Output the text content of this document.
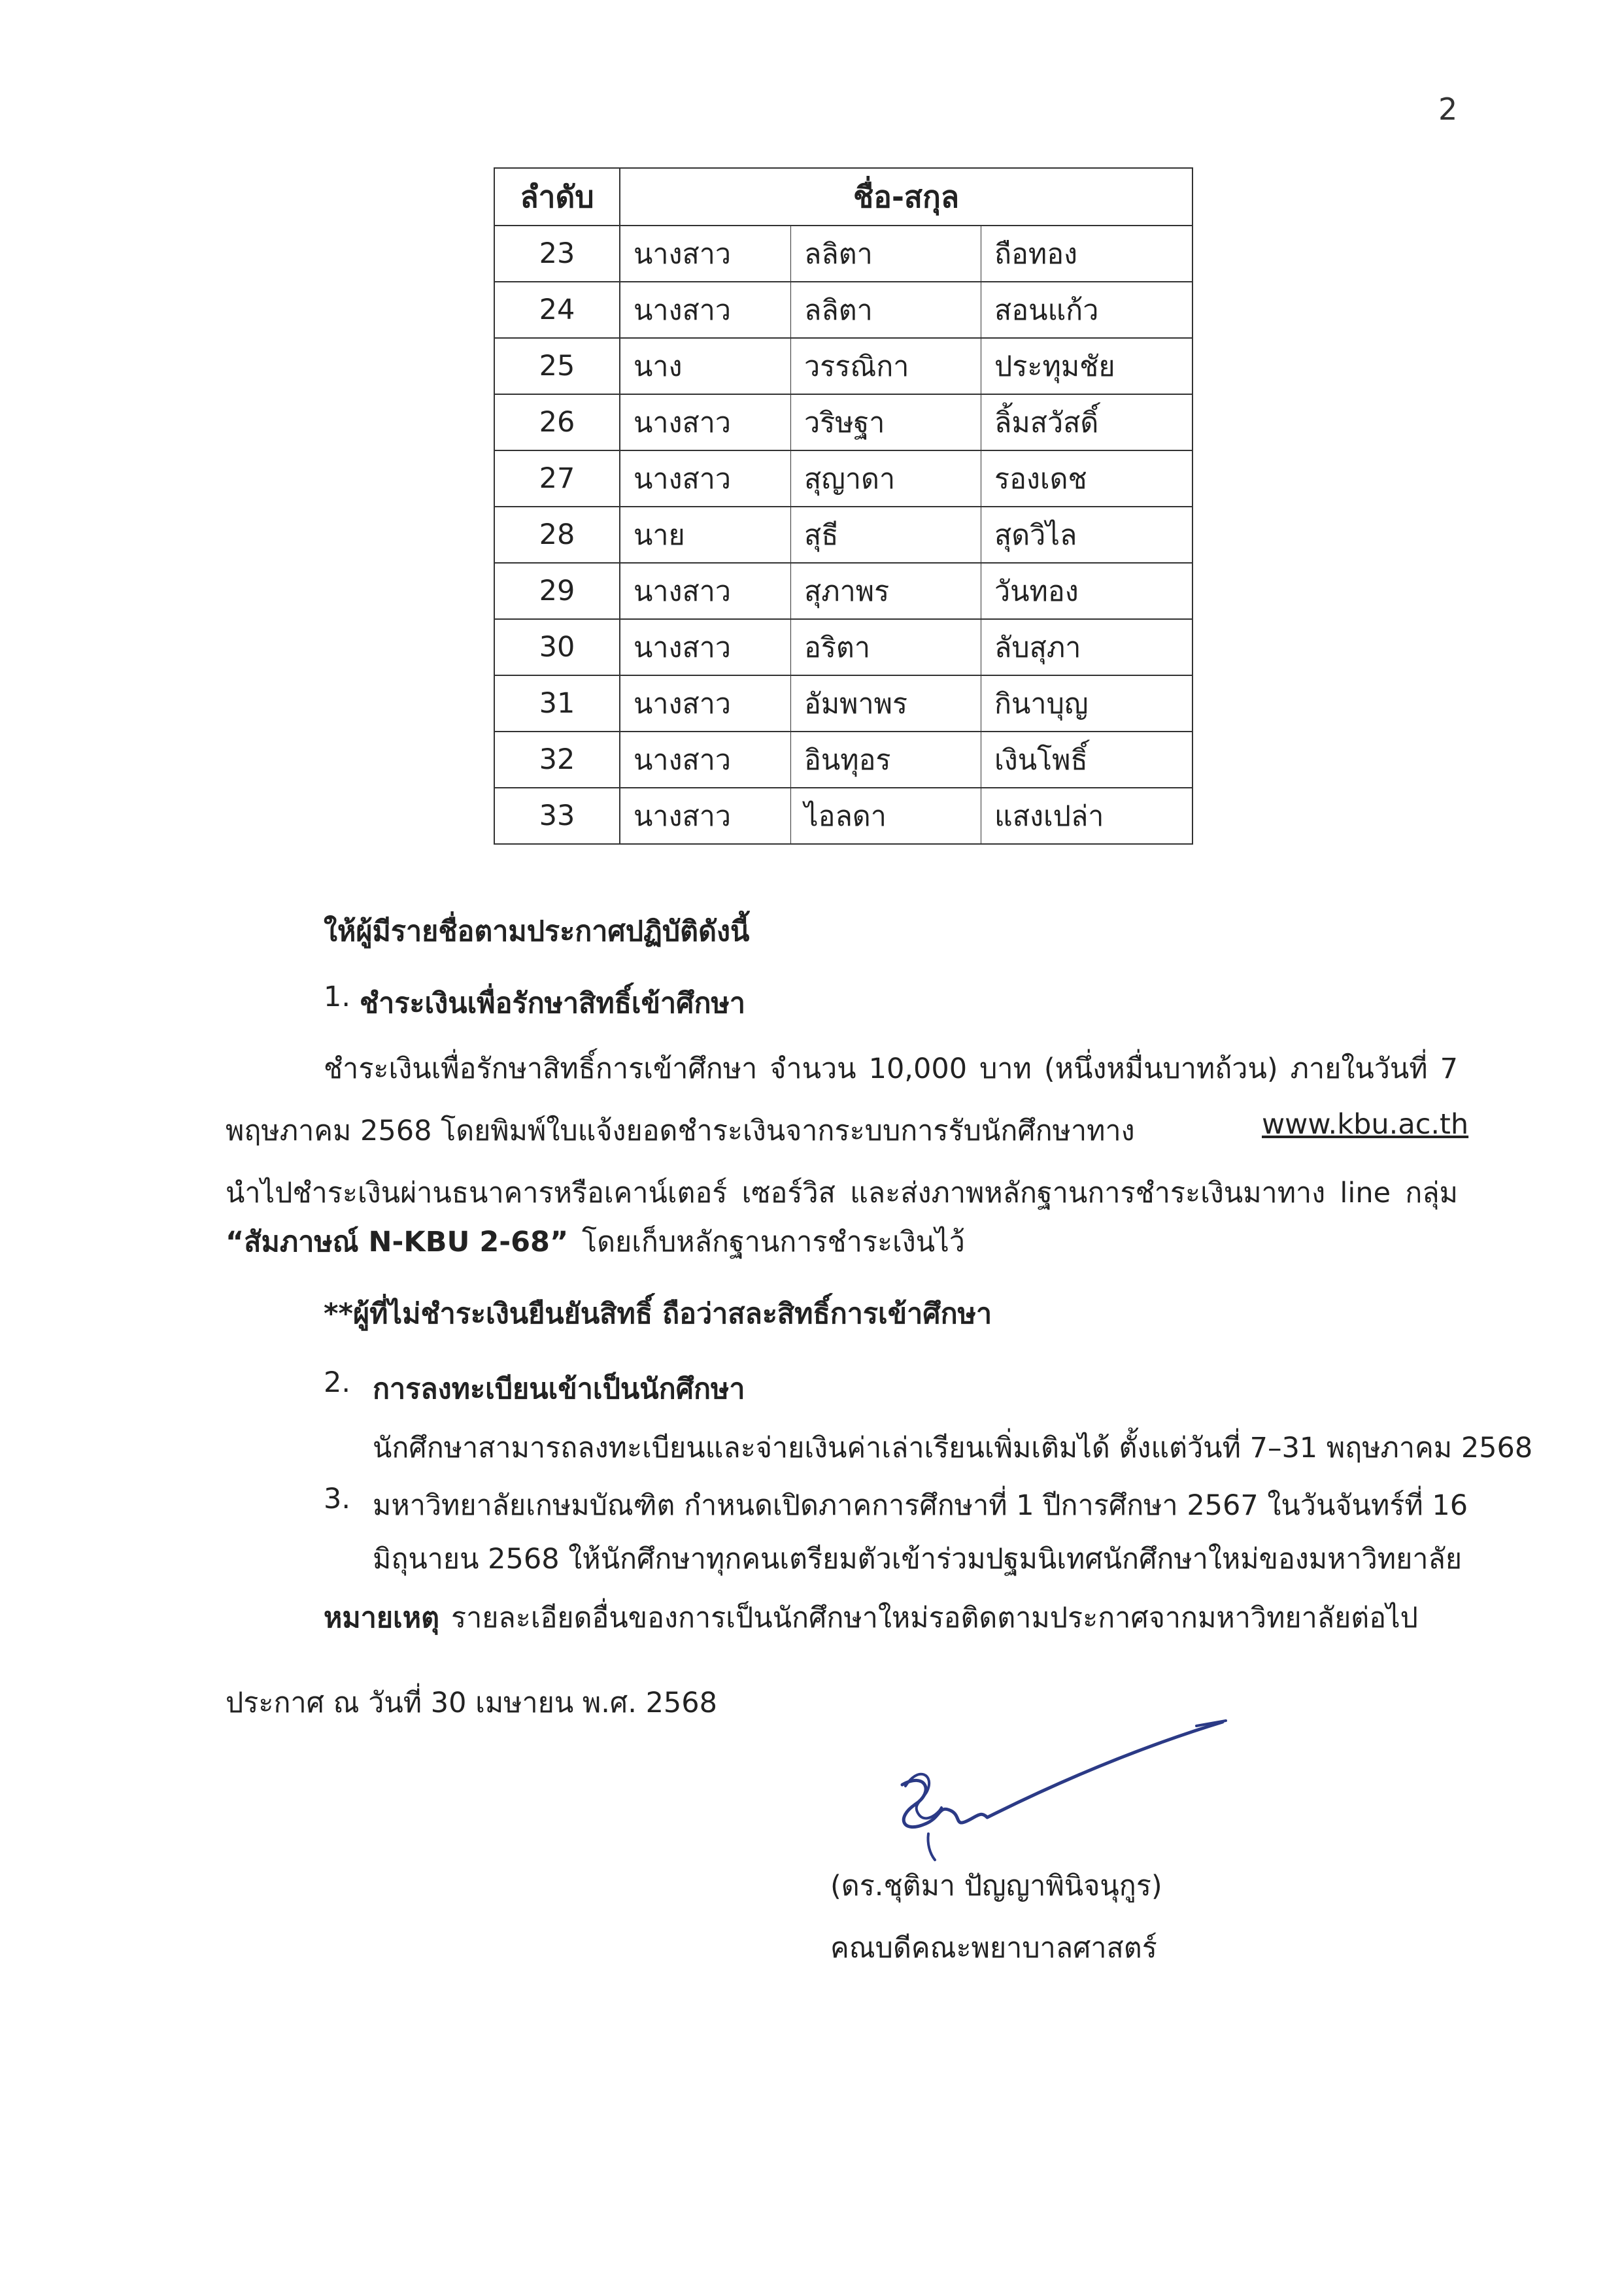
2
ลำดับ	ชื่อ-สกุล		
23	นางสาว	ลลิตา	ถือทอง
24	นางสาว	ลลิตา	สอนแก้ว
25	นาง	วรรณิกา	ประทุมชัย
26	นางสาว	วริษฐา	ลิ้มสวัสดิ์
27	นางสาว	สุญาดา	รองเดช
28	นาย	สุธี	สุดวิไล
29	นางสาว	สุภาพร	วันทอง
30	นางสาว	อริตา	ลับสุภา
31	นางสาว	อัมพาพร	กินาบุญ
32	นางสาว	อินทุอร	เงินโพธิ์
33	นางสาว	ไอลดา	แสงเปล่า
ให้ผู้มีรายชื่อตามประกาศปฏิบัติดังนี้
1. ชำระเงินเพื่อรักษาสิทธิ์เข้าศึกษา
ชำระเงินเพื่อรักษาสิทธิ์การเข้าศึกษา จำนวน 10,000 บาท (หนึ่งหมื่นบาทถ้วน) ภายในวันที่ 7
พฤษภาคม 2568 โดยพิมพ์ใบแจ้งยอดชำระเงินจากระบบการรับนักศึกษาทาง	www.kbu.ac.th
นำไปชำระเงินผ่านธนาคารหรือเคาน์เตอร์ เซอร์วิส และส่งภาพหลักฐานการชำระเงินมาทาง line กลุ่ม
“สัมภาษณ์ N-KBU 2-68” โดยเก็บหลักฐานการชำระเงินไว้
**ผู้ที่ไม่ชำระเงินยืนยันสิทธิ์ ถือว่าสละสิทธิ์การเข้าศึกษา
2. การลงทะเบียนเข้าเป็นนักศึกษา
นักศึกษาสามารถลงทะเบียนและจ่ายเงินค่าเล่าเรียนเพิ่มเติมได้ ตั้งแต่วันที่ 7–31 พฤษภาคม 2568
3. มหาวิทยาลัยเกษมบัณฑิต กำหนดเปิดภาคการศึกษาที่ 1 ปีการศึกษา 2567 ในวันจันทร์ที่ 16
มิถุนายน 2568 ให้นักศึกษาทุกคนเตรียมตัวเข้าร่วมปฐมนิเทศนักศึกษาใหม่ของมหาวิทยาลัย
หมายเหตุ รายละเอียดอื่นของการเป็นนักศึกษาใหม่รอติดตามประกาศจากมหาวิทยาลัยต่อไป
ประกาศ ณ วันที่ 30 เมษายน พ.ศ. 2568
(ดร.ชุติมา ปัญญาพินิจนุกูร)
คณบดีคณะพยาบาลศาสตร์
